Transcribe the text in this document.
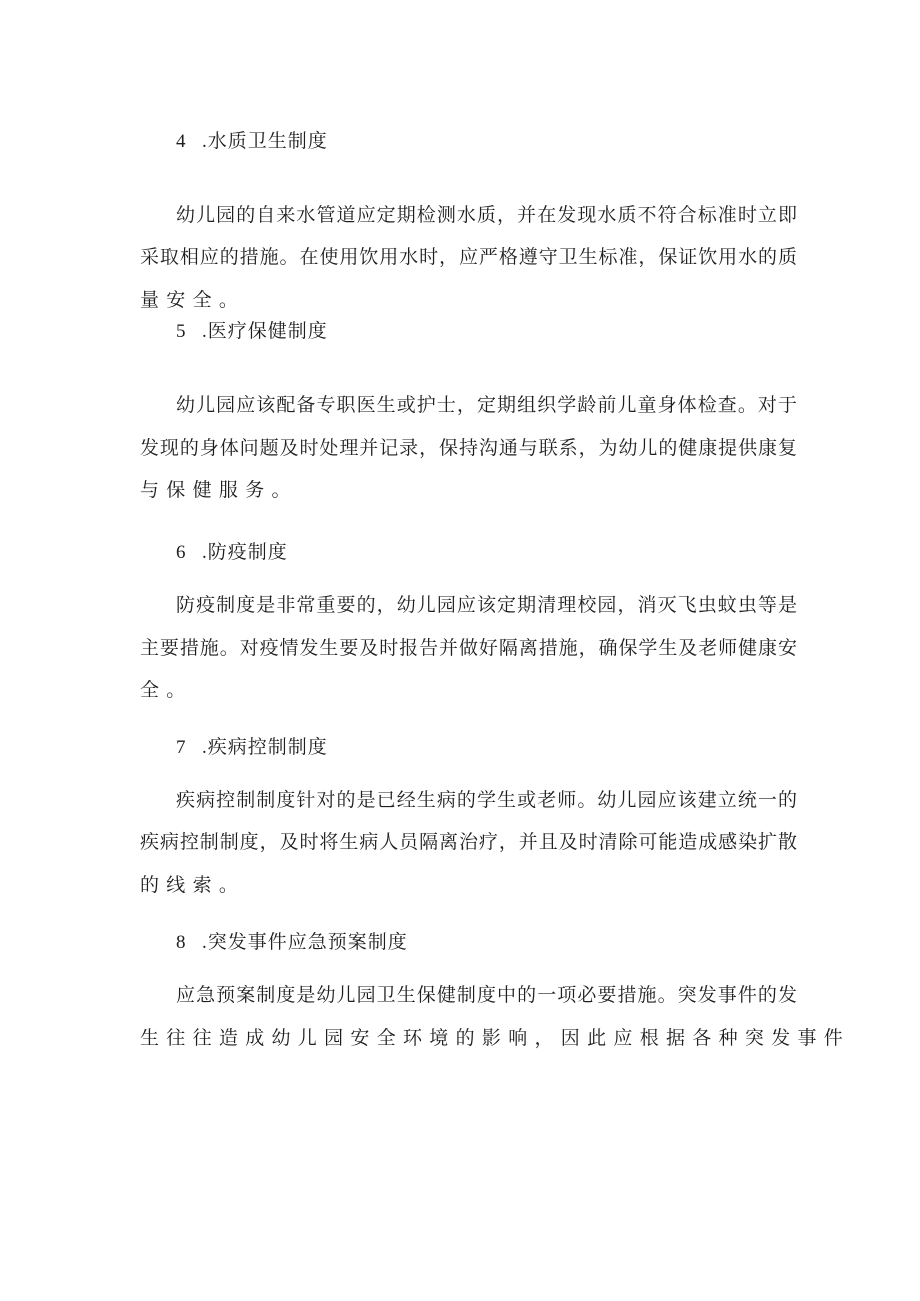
4 .水质卫生制度
幼儿园的自来水管道应定期检测水质，并在发现水质不符合标准时立即
采取相应的措施。在使用饮用水时，应严格遵守卫生标准，保证饮用水的质
量安全。
5 .医疗保健制度
幼儿园应该配备专职医生或护士，定期组织学龄前儿童身体检查。对于
发现的身体问题及时处理并记录，保持沟通与联系，为幼儿的健康提供康复
与保健服务。
6 .防疫制度
防疫制度是非常重要的，幼儿园应该定期清理校园，消灭飞虫蚊虫等是
主要措施。对疫情发生要及时报告并做好隔离措施，确保学生及老师健康安
全。
7 .疾病控制制度
疾病控制制度针对的是已经生病的学生或老师。幼儿园应该建立统一的
疾病控制制度，及时将生病人员隔离治疗，并且及时清除可能造成感染扩散
的线索。
8 .突发事件应急预案制度
应急预案制度是幼儿园卫生保健制度中的一项必要措施。突发事件的发
生往往造成幼儿园安全环境的影响，因此应根据各种突发事件
